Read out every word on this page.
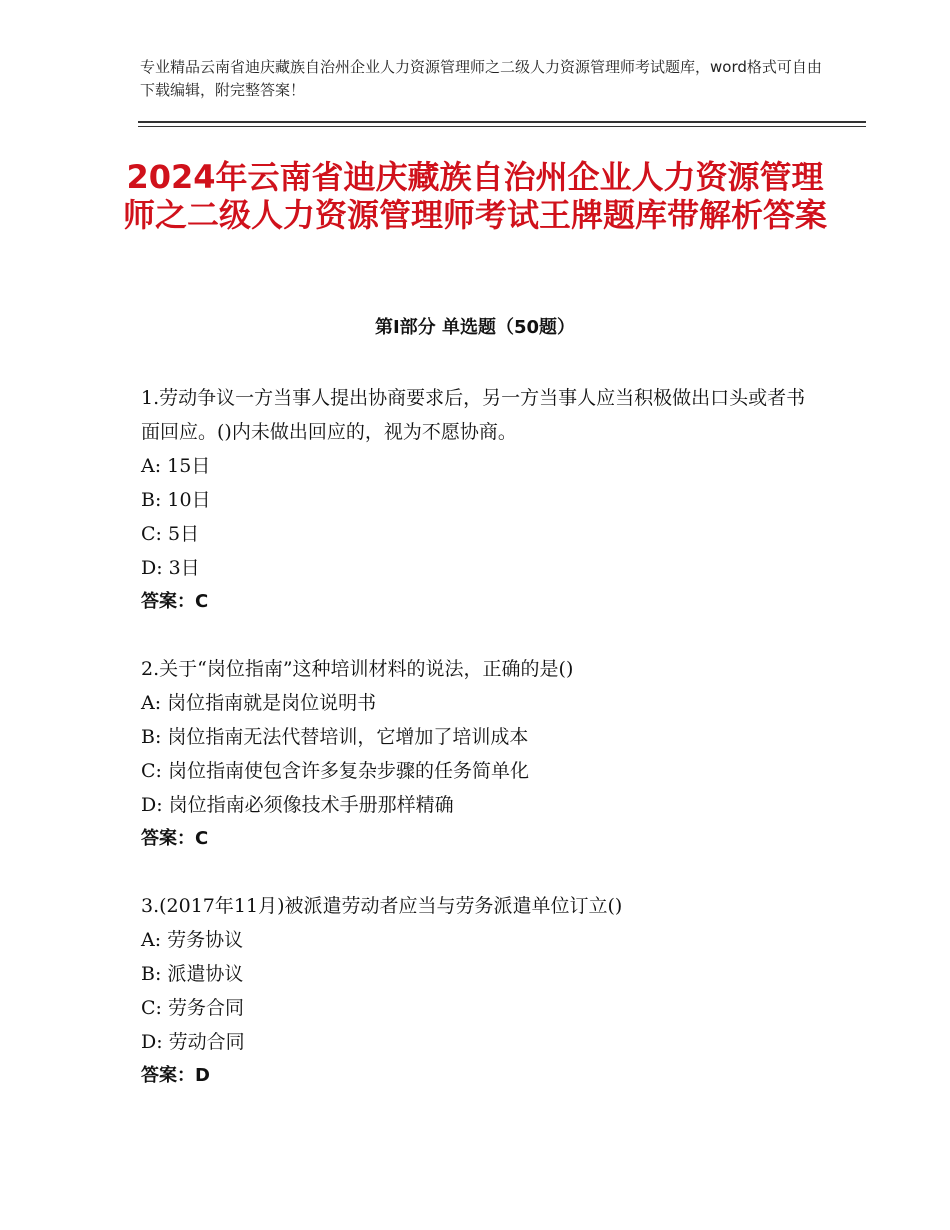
专业精品云南省迪庆藏族自治州企业人力资源管理师之二级人力资源管理师考试题库，word格式可自由下载编辑，附完整答案！
2024年云南省迪庆藏族自治州企业人力资源管理师之二级人力资源管理师考试王牌题库带解析答案
第Ⅰ部分 单选题（50题）
1.劳动争议一方当事人提出协商要求后，另一方当事人应当积极做出口头或者书面回应。()内未做出回应的，视为不愿协商。
A: 15日
B: 10日
C: 5日
D: 3日
答案：C
2.关于“岗位指南”这种培训材料的说法，正确的是()
A: 岗位指南就是岗位说明书
B: 岗位指南无法代替培训，它增加了培训成本
C: 岗位指南使包含许多复杂步骤的任务简单化
D: 岗位指南必须像技术手册那样精确
答案：C
3.(2017年11月)被派遣劳动者应当与劳务派遣单位订立()
A: 劳务协议
B: 派遣协议
C: 劳务合同
D: 劳动合同
答案：D
